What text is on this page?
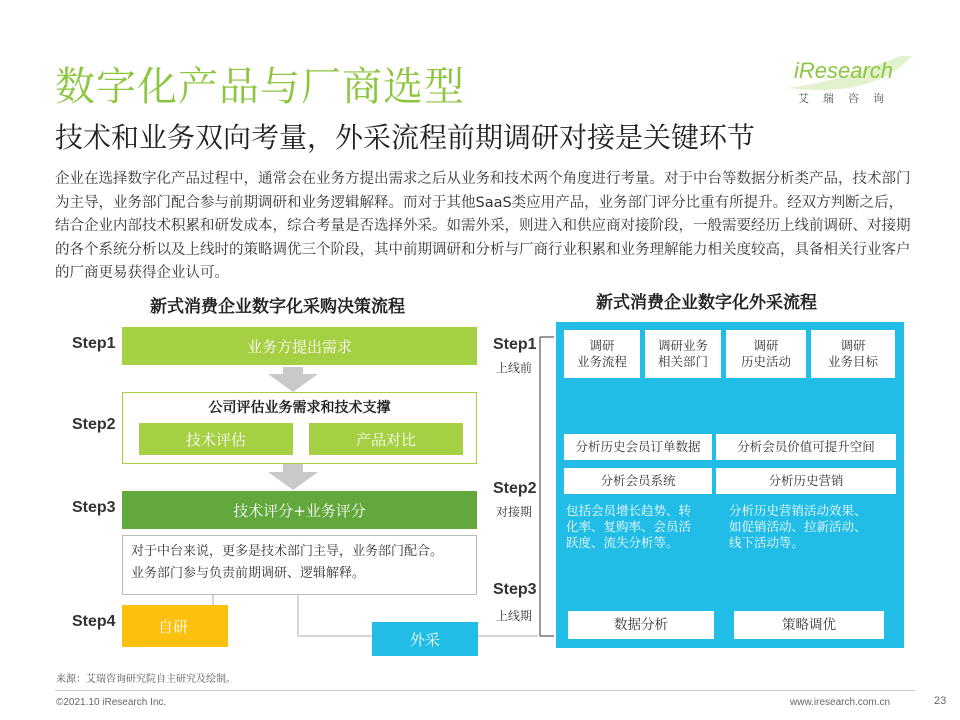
数字化产品与厂商选型
技术和业务双向考量，外采流程前期调研对接是关键环节
iResearch
艾瑞咨询
企业在选择数字化产品过程中，通常会在业务方提出需求之后从业务和技术两个角度进行考量。对于中台等数据分析类产品，技术部门为主导，业务部门配合参与前期调研和业务逻辑解释。而对于其他SaaS类应用产品，业务部门评分比重有所提升。经双方判断之后，结合企业内部技术积累和研发成本，综合考量是否选择外采。如需外采，则进入和供应商对接阶段，一般需要经历上线前调研、对接期的各个系统分析以及上线时的策略调优三个阶段，其中前期调研和分析与厂商行业积累和业务理解能力相关度较高，具备相关行业客户的厂商更易获得企业认可。
新式消费企业数字化采购决策流程
Step1
Step2
Step3
Step4
业务方提出需求
公司评估业务需求和技术支撑
技术评估	产品对比
技术评分+业务评分
对于中台来说，更多是技术部门主导，业务部门配合。
业务部门参与负责前期调研、逻辑解释。
自研
外采
新式消费企业数字化外采流程
Step1
上线前
Step2
对接期
Step3
上线期
调研
业务流程
调研业务
相关部门
调研
历史活动
调研
业务目标
分析历史会员订单数据	分析会员价值可提升空间
分析会员系统	分析历史营销
包括会员增长趋势、转
化率、复购率、会员活
跃度、流失分析等。
分析历史营销活动效果、
如促销活动、拉新活动、
线下活动等。
数据分析	策略调优
来源：艾瑞咨询研究院自主研究及绘制。
©2021.10 iResearch Inc.	www.iresearch.com.cn	23
